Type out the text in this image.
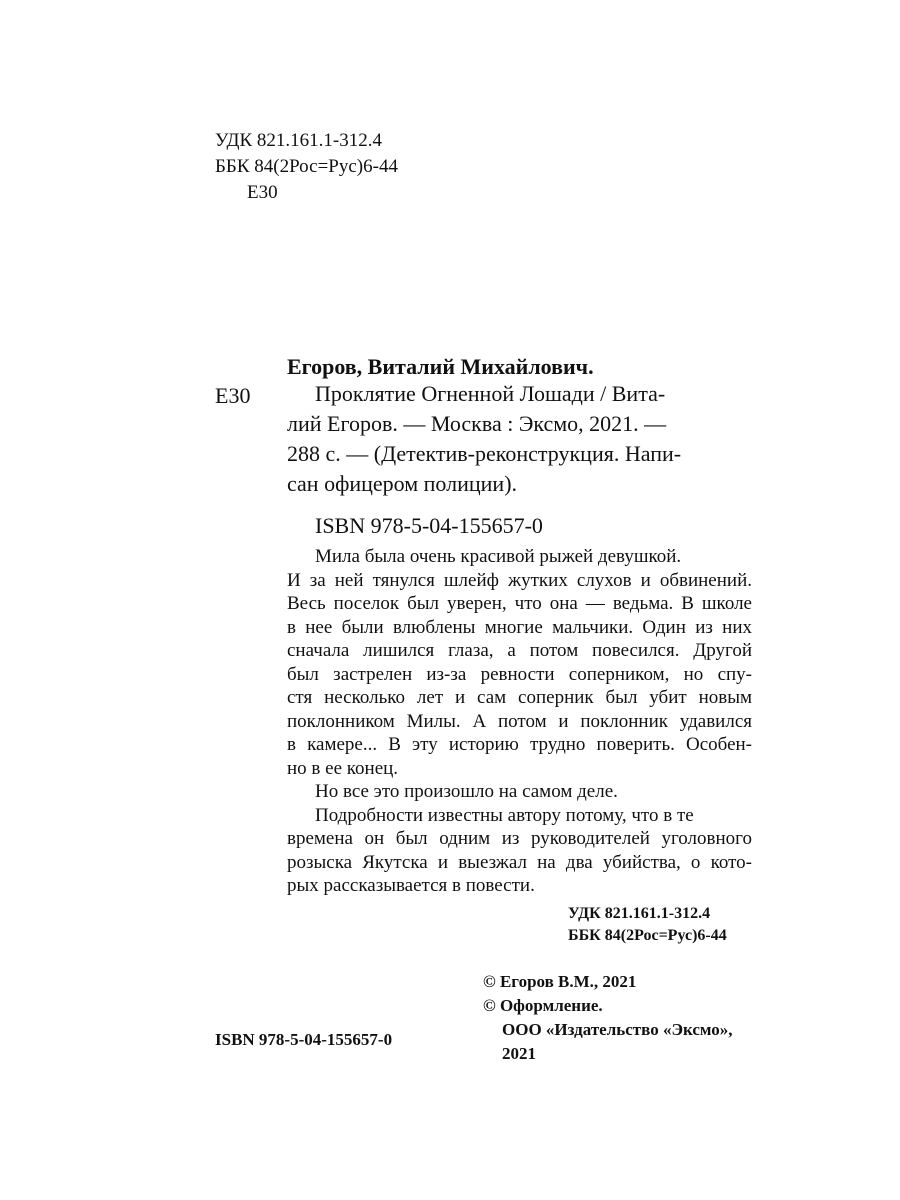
УДК 821.161.1-312.4
ББК 84(2Рос=Рус)6-44
Е30
Егоров, Виталий Михайлович.
Е30	Проклятие Огненной Лошади / Вита-
лий Егоров. — Москва : Эксмо, 2021. —
288 с. — (Детектив-реконструкция. Напи-
сан офицером полиции).
ISBN 978-5-04-155657-0
Мила была очень красивой рыжей девушкой.
И за ней тянулся шлейф жутких слухов и обвинений.
Весь поселок был уверен, что она — ведьма. В школе
в нее были влюблены многие мальчики. Один из них
сначала лишился глаза, а потом повесился. Другой
был застрелен из-за ревности соперником, но спу-
стя несколько лет и сам соперник был убит новым
поклонником Милы. А потом и поклонник удавился
в камере... В эту историю трудно поверить. Особен-
но в ее конец.
Но все это произошло на самом деле.
Подробности известны автору потому, что в те
времена он был одним из руководителей уголовного
розыска Якутска и выезжал на два убийства, о кото-
рых рассказывается в повести.
УДК 821.161.1-312.4
ББК 84(2Рос=Рус)6-44
© Егоров В.М., 2021
© Оформление.
ООО «Издательство «Эксмо»,
2021
ISBN 978-5-04-155657-0
